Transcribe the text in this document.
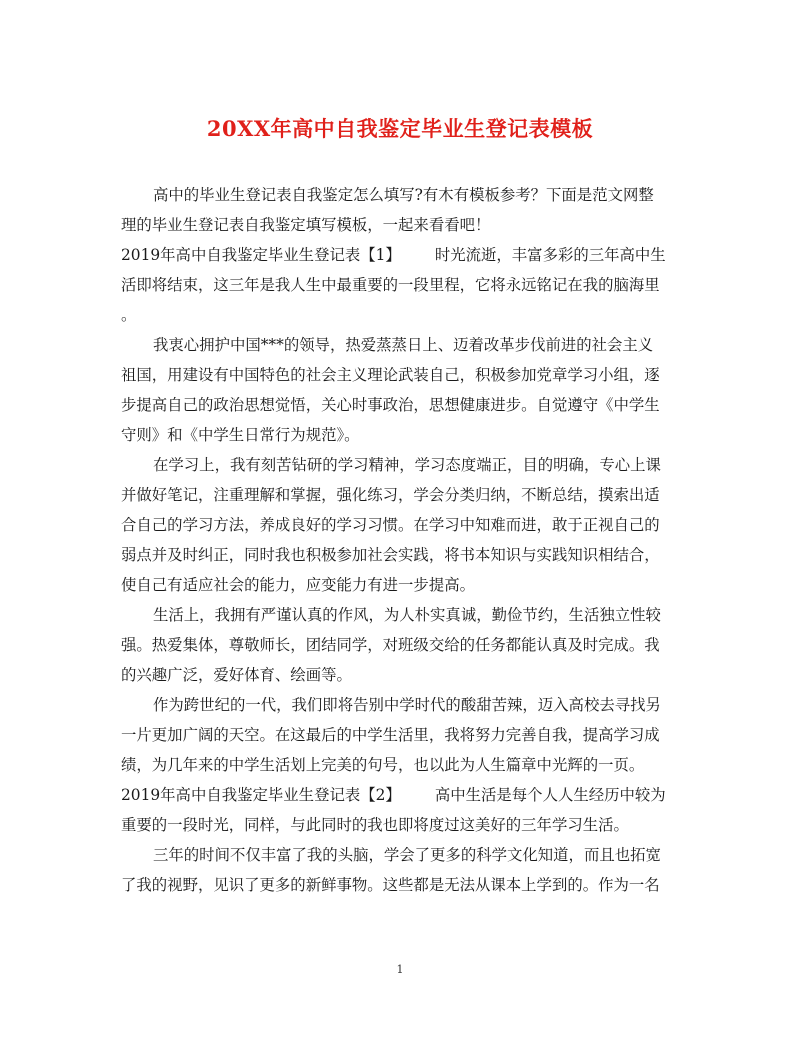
20XX年高中自我鉴定毕业生登记表模板
高中的毕业生登记表自我鉴定怎么填写?有木有模板参考？下面是范文网整
理的毕业生登记表自我鉴定填写模板，一起来看看吧！
2019年高中自我鉴定毕业生登记表【1】 时光流逝，丰富多彩的三年高中生
活即将结束，这三年是我人生中最重要的一段里程，它将永远铭记在我的脑海里
。
我衷心拥护中国***的领导，热爱蒸蒸日上、迈着改革步伐前进的社会主义
祖国，用建设有中国特色的社会主义理论武装自己，积极参加党章学习小组，逐
步提高自己的政治思想觉悟，关心时事政治，思想健康进步。自觉遵守《中学生
守则》和《中学生日常行为规范》。
在学习上，我有刻苦钻研的学习精神，学习态度端正，目的明确，专心上课
并做好笔记，注重理解和掌握，强化练习，学会分类归纳，不断总结，摸索出适
合自己的学习方法，养成良好的学习习惯。在学习中知难而进，敢于正视自己的
弱点并及时纠正，同时我也积极参加社会实践，将书本知识与实践知识相结合，
使自己有适应社会的能力，应变能力有进一步提高。
生活上，我拥有严谨认真的作风，为人朴实真诚，勤俭节约，生活独立性较
强。热爱集体，尊敬师长，团结同学，对班级交给的任务都能认真及时完成。我
的兴趣广泛，爱好体育、绘画等。
作为跨世纪的一代，我们即将告别中学时代的酸甜苦辣，迈入高校去寻找另
一片更加广阔的天空。在这最后的中学生活里，我将努力完善自我，提高学习成
绩，为几年来的中学生活划上完美的句号，也以此为人生篇章中光辉的一页。
2019年高中自我鉴定毕业生登记表【2】 高中生活是每个人人生经历中较为
重要的一段时光，同样，与此同时的我也即将度过这美好的三年学习生活。
三年的时间不仅丰富了我的头脑，学会了更多的科学文化知道，而且也拓宽
了我的视野，见识了更多的新鲜事物。这些都是无法从课本上学到的。作为一名
1
